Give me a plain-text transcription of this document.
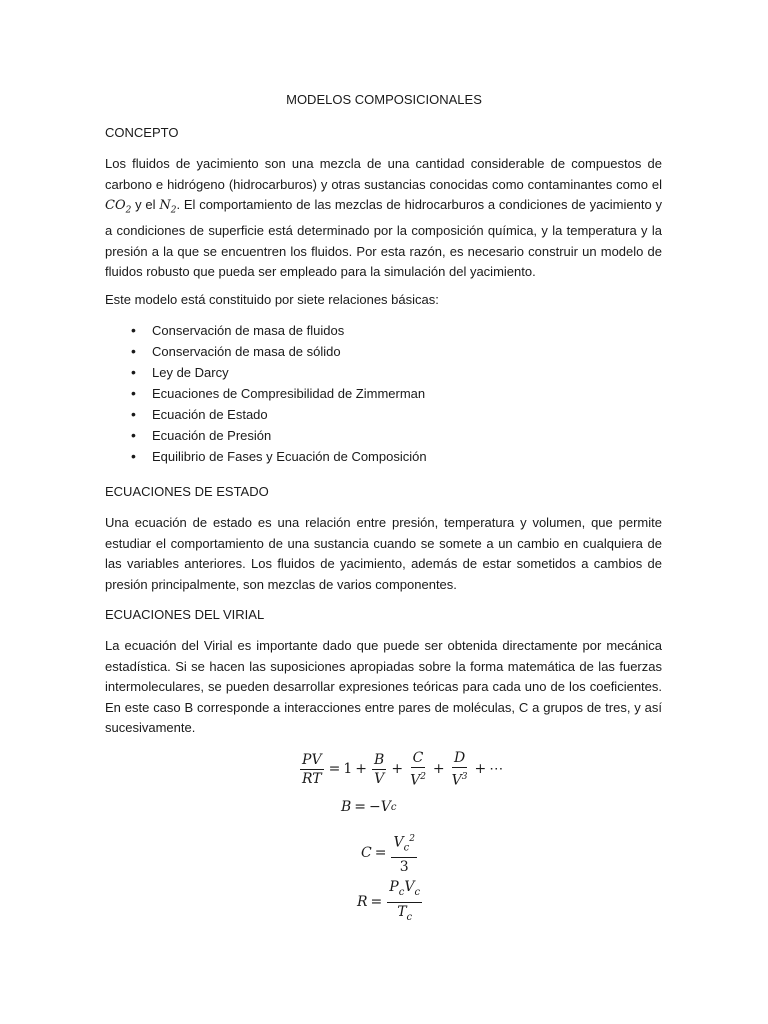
MODELOS COMPOSICIONALES

CONCEPTO

Los fluidos de yacimiento son una mezcla de una cantidad considerable de compuestos de carbono e hidrógeno (hidrocarburos) y otras sustancias conocidas como contaminantes como el $CO_2$ y el $N_2$. El comportamiento de las mezclas de hidrocarburos a condiciones de yacimiento y a condiciones de superficie está determinado por la composición química, y la temperatura y la presión a la que se encuentren los fluidos. Por esta razón, es necesario construir un modelo de fluidos robusto que pueda ser empleado para la simulación del yacimiento.

Este modelo está constituido por siete relaciones básicas:

• Conservación de masa de fluidos
• Conservación de masa de sólido
• Ley de Darcy
• Ecuaciones de Compresibilidad de Zimmerman
• Ecuación de Estado
• Ecuación de Presión
• Equilibrio de Fases y Ecuación de Composición

ECUACIONES DE ESTADO

Una ecuación de estado es una relación entre presión, temperatura y volumen, que permite estudiar el comportamiento de una sustancia cuando se somete a un cambio en cualquiera de las variables anteriores. Los fluidos de yacimiento, además de estar sometidos a cambios de presión principalmente, son mezclas de varios componentes.

ECUACIONES DEL VIRIAL

La ecuación del Virial es importante dado que puede ser obtenida directamente por mecánica estadística. Si se hacen las suposiciones apropiadas sobre la forma matemática de las fuerzas intermoleculares, se pueden desarrollar expresiones teóricas para cada uno de los coeficientes. En este caso B corresponde a interacciones entre pares de moléculas, C a grupos de tres, y así sucesivamente.

$\frac{PV}{RT} = 1 + \frac{B}{V} + \frac{C}{V^2} + \frac{D}{V^3}$ + ⋯
B = − V c
$C = \frac{V_c^2}{3}$
$R = \frac{P_cV_c}{T_c}$
